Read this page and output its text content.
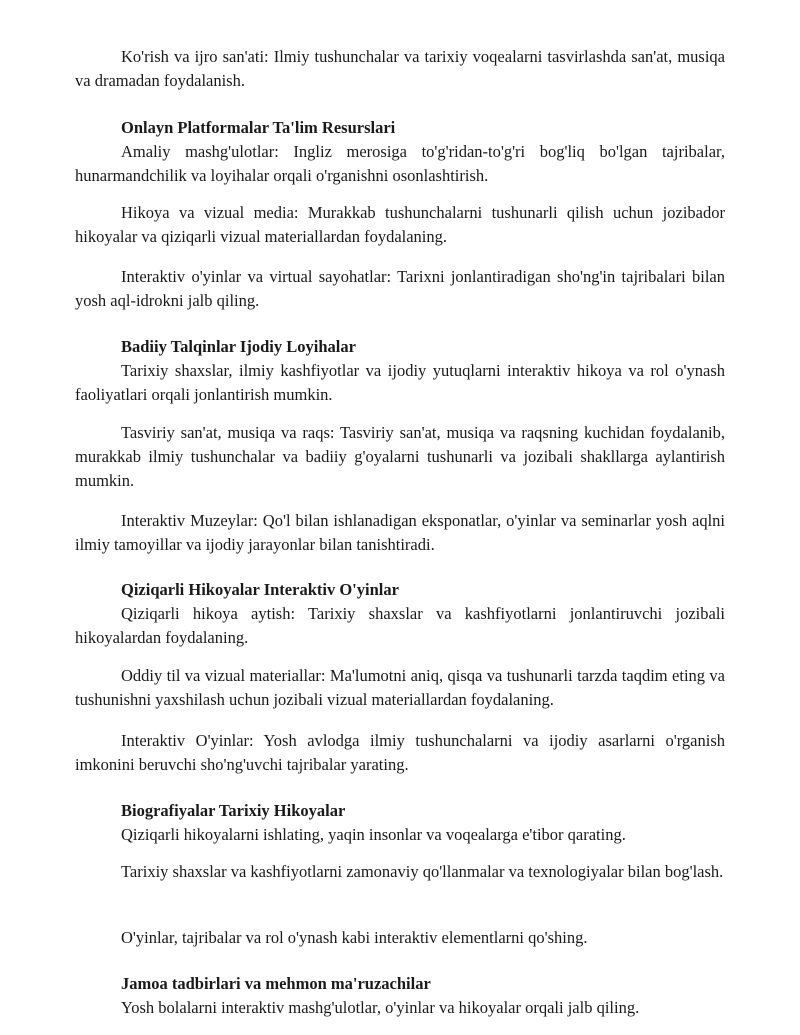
Ko'rish va ijro san'ati: Ilmiy tushunchalar va tarixiy voqealarni tasvirlashda san'at, musiqa va dramadan foydalanish.

Onlayn Platformalar Ta'lim Resurslari

Amaliy mashg'ulotlar: Ingliz merosiga to'g'ridan-to'g'ri bog'liq bo'lgan tajribalar, hunarmandchilik va loyihalar orqali o'rganishni osonlashtirish.

Hikoya va vizual media: Murakkab tushunchalarni tushunarli qilish uchun jozibador hikoyalar va qiziqarli vizual materiallardan foydalaning.

Interaktiv o'yinlar va virtual sayohatlar: Tarixni jonlantiradigan sho'ng'in tajribalari bilan yosh aql-idrokni jalb qiling.

Badiiy Talqinlar Ijodiy Loyihalar

Tarixiy shaxslar, ilmiy kashfiyotlar va ijodiy yutuqlarni interaktiv hikoya va rol o'ynash faoliyatlari orqali jonlantirish mumkin.

Tasviriy san'at, musiqa va raqs: Tasviriy san'at, musiqa va raqsning kuchidan foydalanib, murakkab ilmiy tushunchalar va badiiy g'oyalarni tushunarli va jozibali shakllarga aylantirish mumkin.

Interaktiv Muzeylar: Qo'l bilan ishlanadigan eksponatlar, o'yinlar va seminarlar yosh aqlni ilmiy tamoyillar va ijodiy jarayonlar bilan tanishtiradi.

Qiziqarli Hikoyalar Interaktiv O'yinlar

Qiziqarli hikoya aytish: Tarixiy shaxslar va kashfiyotlarni jonlantiruvchi jozibali hikoyalardan foydalaning.

Oddiy til va vizual materiallar: Ma'lumotni aniq, qisqa va tushunarli tarzda taqdim eting va tushunishni yaxshilash uchun jozibali vizual materiallardan foydalaning.

Interaktiv O'yinlar: Yosh avlodga ilmiy tushunchalarni va ijodiy asarlarni o'rganish imkonini beruvchi sho'ng'uvchi tajribalar yarating.

Biografiyalar Tarixiy Hikoyalar

Qiziqarli hikoyalarni ishlating, yaqin insonlar va voqealarga e'tibor qarating.

Tarixiy shaxslar va kashfiyotlarni zamonaviy qo'llanmalar va texnologiyalar bilan bog'lash.

O'yinlar, tajribalar va rol o'ynash kabi interaktiv elementlarni qo'shing.

Jamoa tadbirlari va mehmon ma'ruzachilar

Yosh bolalarni interaktiv mashg'ulotlar, o'yinlar va hikoyalar orqali jalb qiling.
